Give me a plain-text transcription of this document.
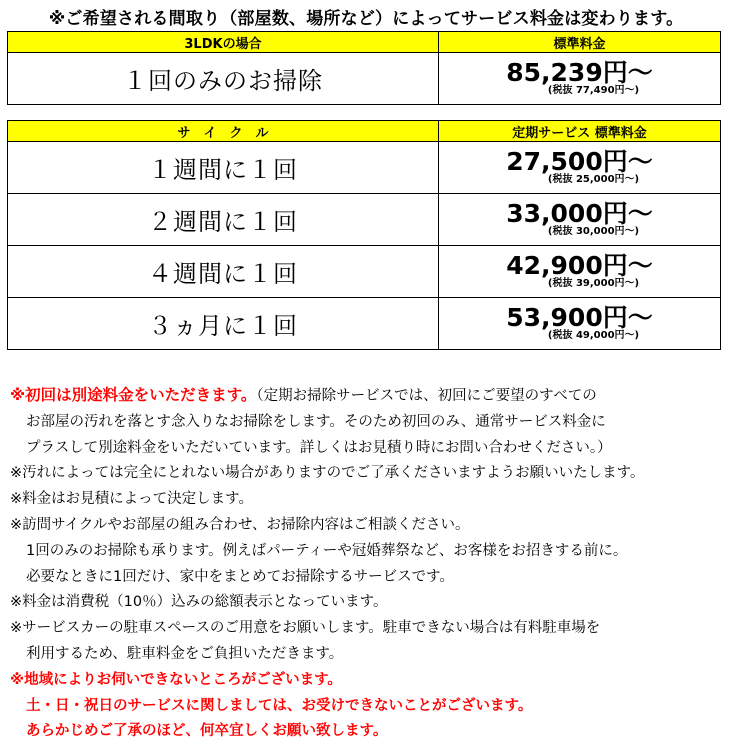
※ご希望される間取り（部屋数、場所など）によってサービス料金は変わります。
3LDKの場合	標準料金
１回のみのお掃除	85,239円～
(税抜 77,490円～)
サ　イ　ク　ル	定期サービス 標準料金
１週間に１回	27,500円～
(税抜 25,000円～)

２週間に１回	33,000円～
(税抜 30,000円～)

４週間に１回	42,900円～
(税抜 39,000円～)

３ヵ月に１回	53,900円～
(税抜 49,000円～)
※初回は別途料金をいただきます。（定期お掃除サービスでは、初回にご要望のすべての
お部屋の汚れを落とす念入りなお掃除をします。そのため初回のみ、通常サービス料金に
プラスして別途料金をいただいています。詳しくはお見積り時にお問い合わせください。）
※汚れによっては完全にとれない場合がありますのでご了承くださいますようお願いいたします。
※料金はお見積によって決定します。
※訪問サイクルやお部屋の組み合わせ、お掃除内容はご相談ください。
1回のみのお掃除も承ります。例えばパーティーや冠婚葬祭など、お客様をお招きする前に。
必要なときに1回だけ、家中をまとめてお掃除するサービスです。
※料金は消費税（10％）込みの総額表示となっています。
※サービスカーの駐車スペースのご用意をお願いします。駐車できない場合は有料駐車場を
利用するため、駐車料金をご負担いただきます。
※地域によりお伺いできないところがございます。
土・日・祝日のサービスに関しましては、お受けできないことがございます。
あらかじめご了承のほど、何卒宜しくお願い致します。
